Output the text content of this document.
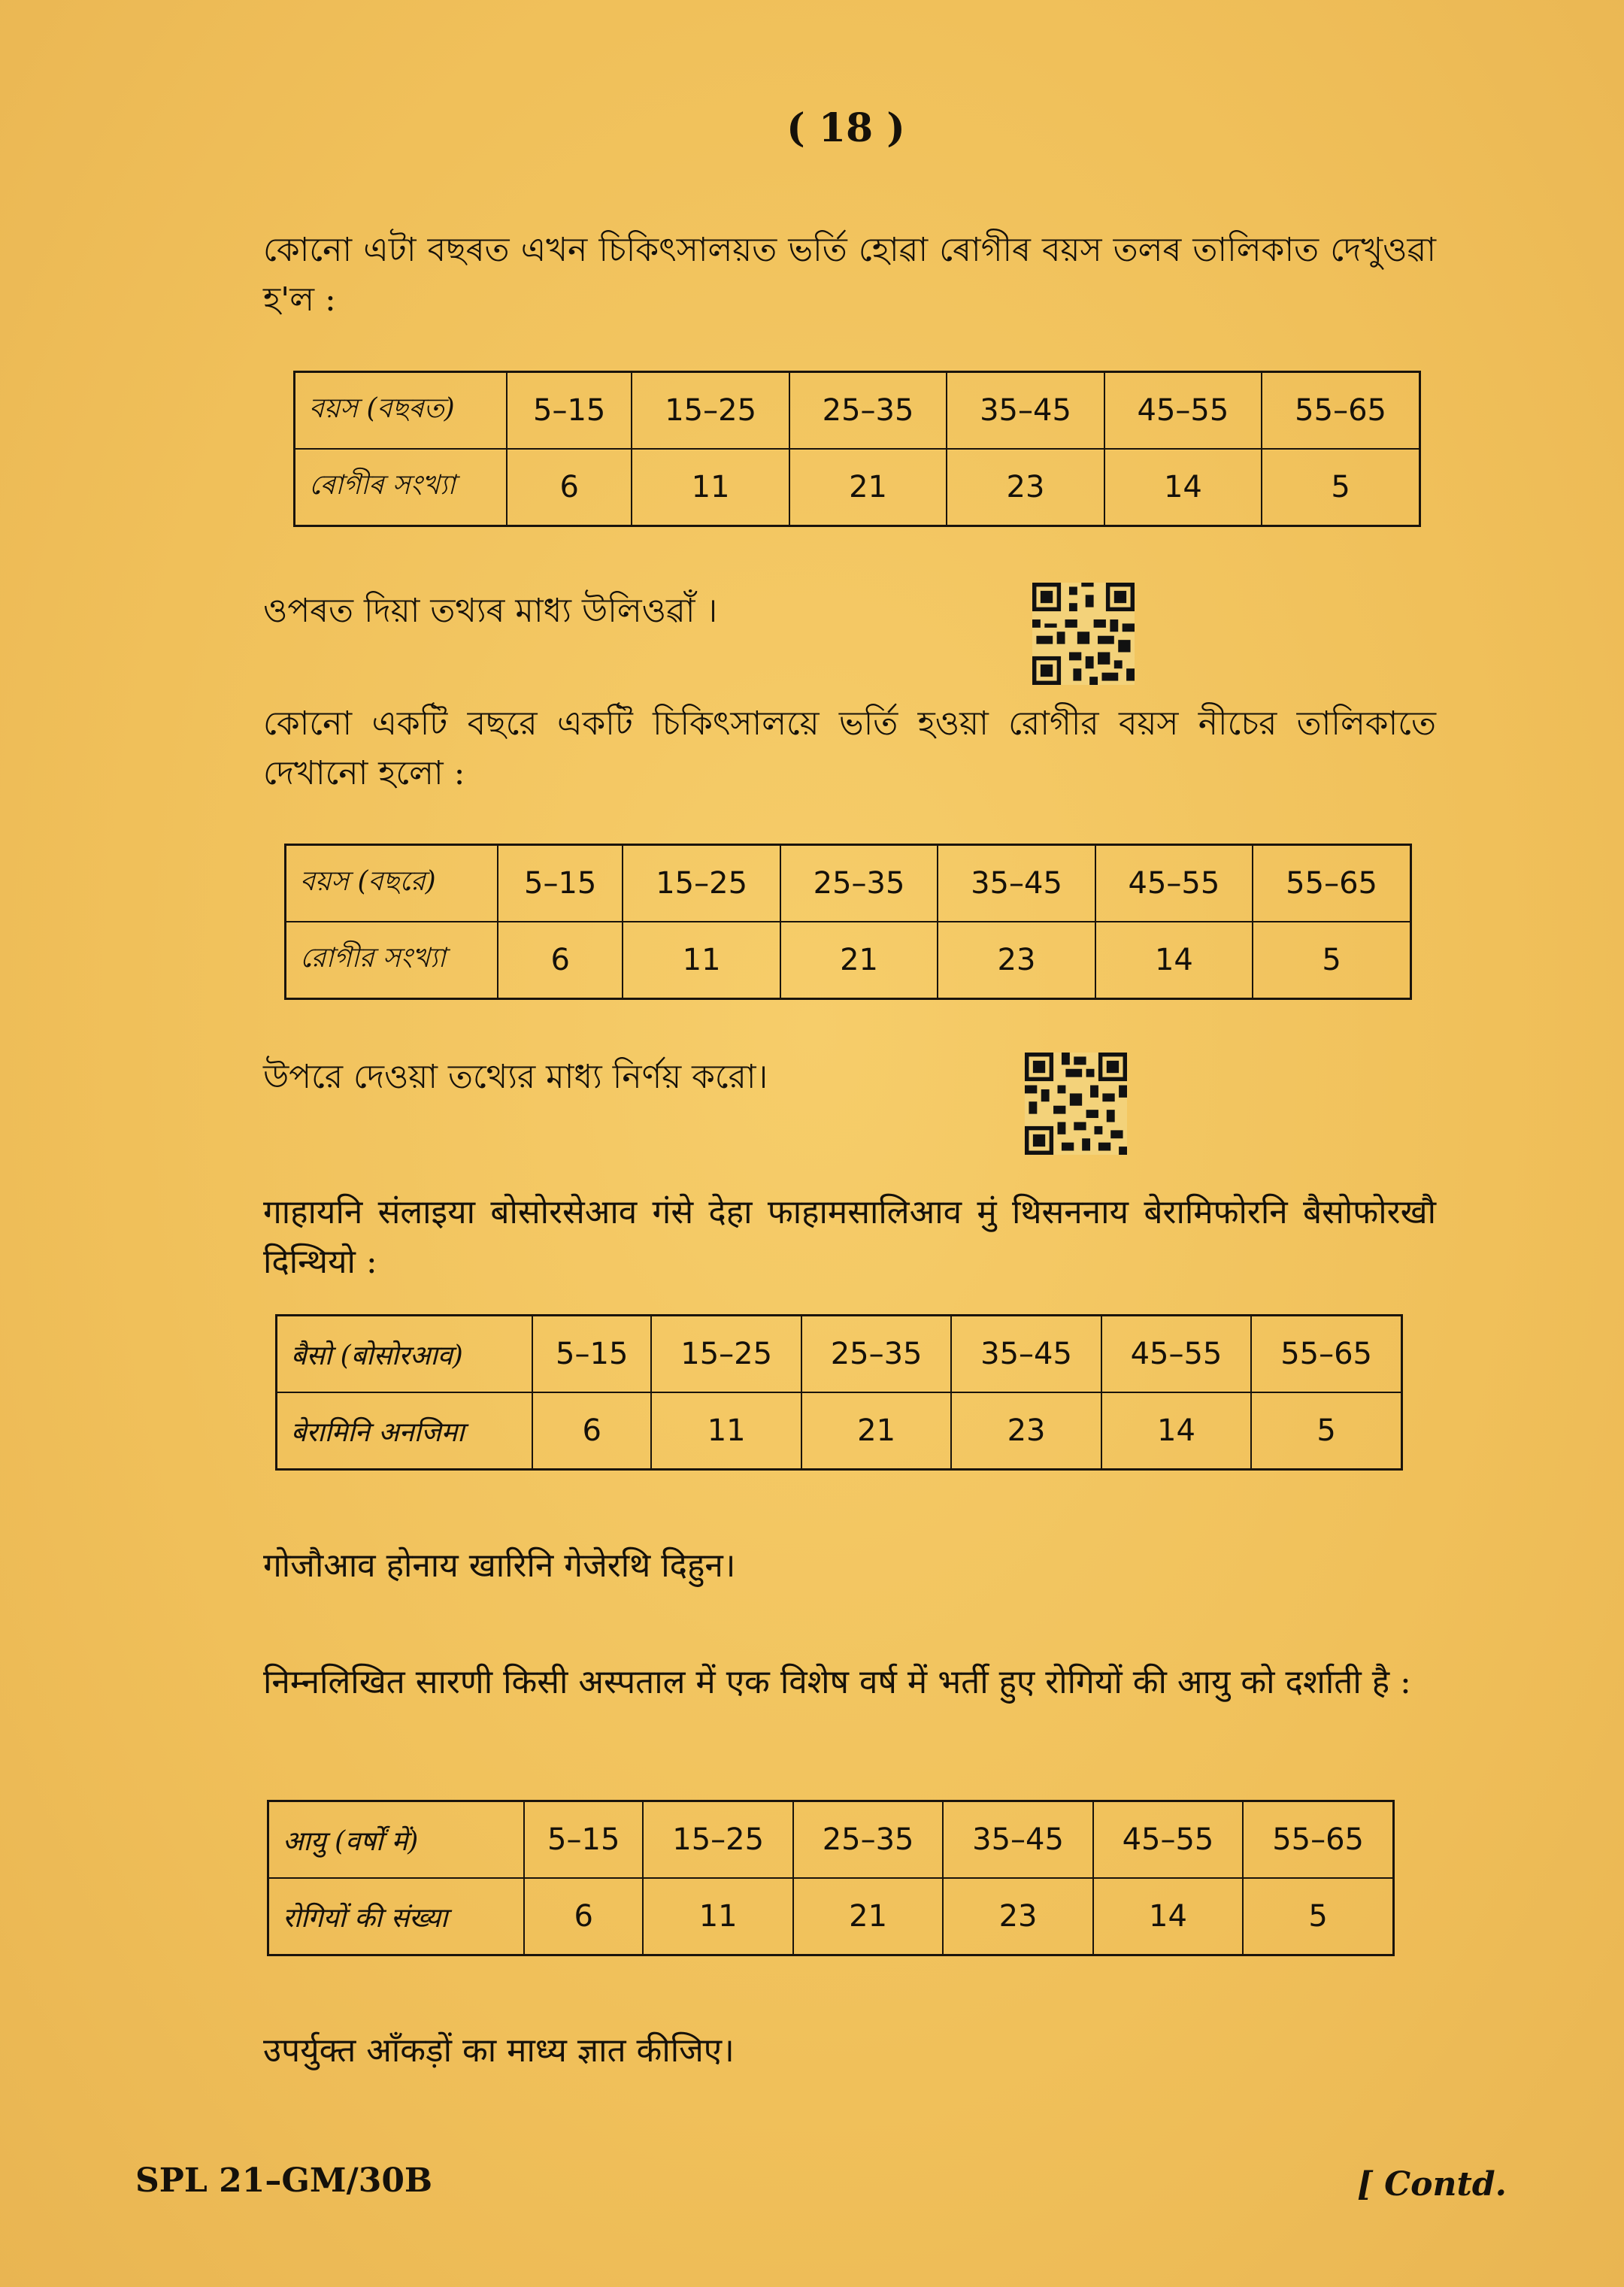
( 18 )
কোনো এটা বছৰত এখন চিকিৎসালয়ত ভৰ্তি হোৱা ৰোগীৰ বয়স তলৰ তালিকাত দেখুওৱা হ'ল :
বয়স (বছৰত)	5–15	15–25	25–35	35–45	45–55	55–65
ৰোগীৰ সংখ্যা	6	11	21	23	14	5
ওপৰত দিয়া তথ্যৰ মাধ্য উলিওৱাঁ ।
কোনো একটি বছরে একটি চিকিৎসালয়ে ভর্তি হওয়া রোগীর বয়স নীচের তালিকাতে দেখানো হলো :
বয়স (বছরে)	5–15	15–25	25–35	35–45	45–55	55–65
রোগীর সংখ্যা	6	11	21	23	14	5
উপরে দেওয়া তথ্যের মাধ্য নির্ণয় করো।
गाहायनि संलाइया बोसोरसेआव गंसे देहा फाहामसालिआव मुं थिसननाय बेरामिफोरनि बैसोफोरखौ दिन्थियो :
बैसो (बोसोरआव)	5–15	15–25	25–35	35–45	45–55	55–65
बेरामिनि अनजिमा	6	11	21	23	14	5
गोजौआव होनाय खारिनि गेजेरथि दिहुन।
निम्नलिखित सारणी किसी अस्पताल में एक विशेष वर्ष में भर्ती हुए रोगियों की आयु को दर्शाती है :
आयु (वर्षों में)	5–15	15–25	25–35	35–45	45–55	55–65
रोगियों की संख्या	6	11	21	23	14	5
उपर्युक्त आँकड़ों का माध्य ज्ञात कीजिए।
SPL 21–GM/30B	[ Contd.
